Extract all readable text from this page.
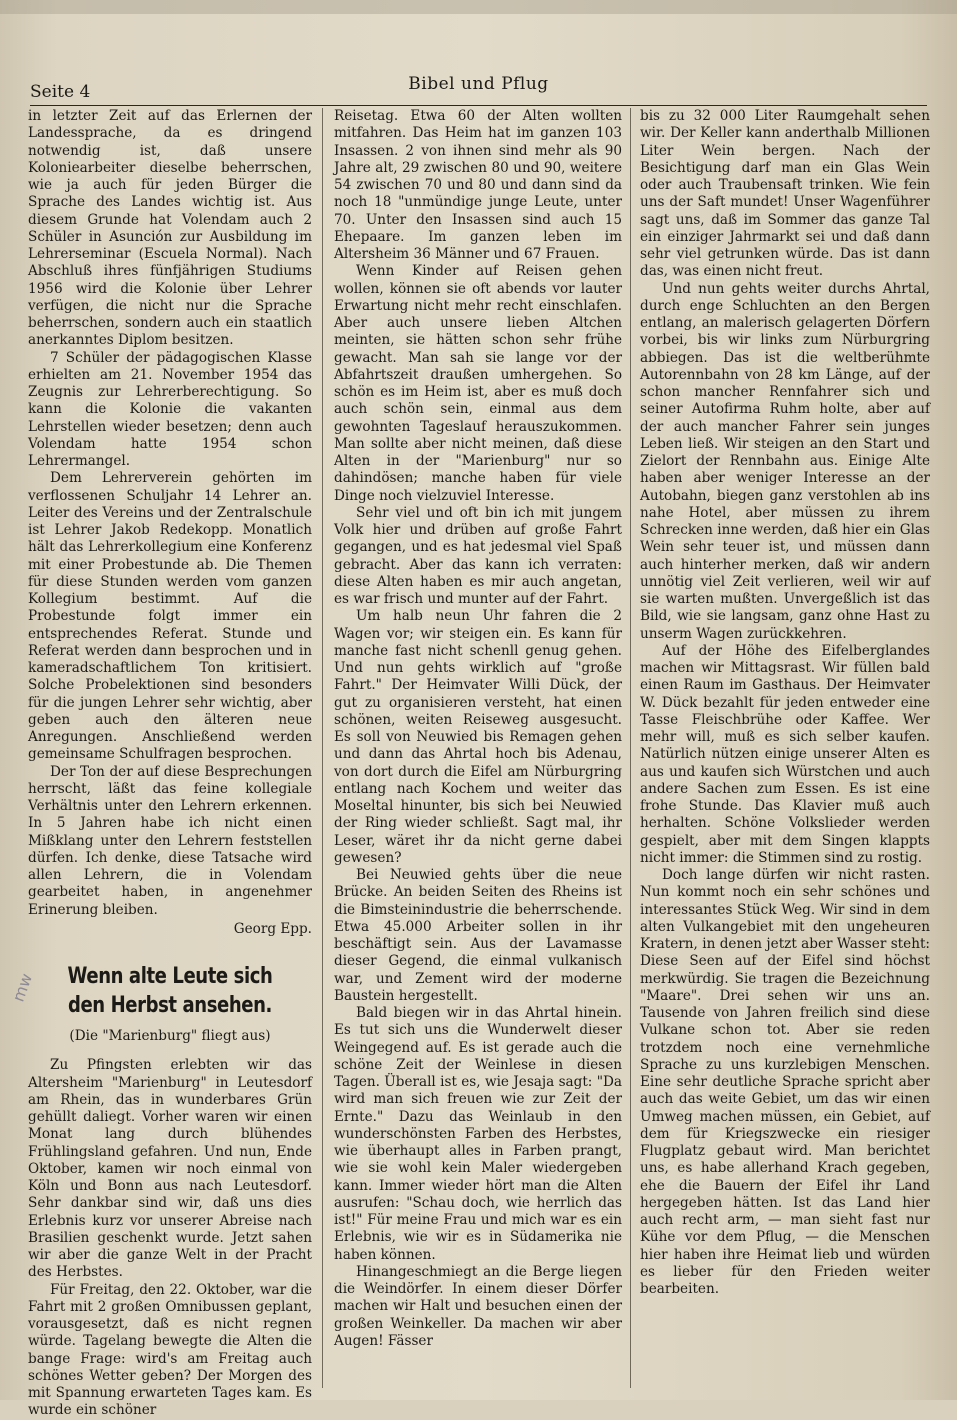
Seite 4	Bibel und Pflug
mw

in letzter Zeit auf das Erlernen der Landessprache, da es dringend notwendig ist, daß unsere Koloniearbeiter dieselbe beherrschen, wie ja auch für jeden Bürger die Sprache des Landes wichtig ist. Aus diesem Grunde hat Volendam auch 2 Schüler in Asunción zur Ausbildung im Lehrerseminar (Escuela Normal). Nach Abschluß ihres fünfjährigen Studiums 1956 wird die Kolonie über Lehrer verfügen, die nicht nur die Sprache beherrschen, sondern auch ein staatlich anerkanntes Diplom besitzen.

7 Schüler der pädagogischen Klasse erhielten am 21. November 1954 das Zeugnis zur Lehrerberechtigung. So kann die Kolonie die vakanten Lehrstellen wieder besetzen; denn auch Volendam hatte 1954 schon Lehrermangel.

Dem Lehrerverein gehörten im verflossenen Schuljahr 14 Lehrer an. Leiter des Vereins und der Zentralschule ist Lehrer Jakob Redekopp. Monatlich hält das Lehrerkollegium eine Konferenz mit einer Probestunde ab. Die Themen für diese Stunden werden vom ganzen Kollegium bestimmt. Auf die Probestunde folgt immer ein entsprechendes Referat. Stunde und Referat werden dann besprochen und in kameradschaftlichem Ton kritisiert. Solche Probelektionen sind besonders für die jungen Lehrer sehr wichtig, aber geben auch den älteren neue Anregungen. Anschließend werden gemeinsame Schulfragen besprochen.

Der Ton der auf diese Besprechungen herrscht, läßt das feine kollegiale Verhältnis unter den Lehrern erkennen. In 5 Jahren habe ich nicht einen Mißklang unter den Lehrern feststellen dürfen. Ich denke, diese Tatsache wird allen Lehrern, die in Volendam gearbeitet haben, in angenehmer Erinerung bleiben.

Georg Epp.
Wenn alte Leute sich den Herbst ansehen.
(Die "Marienburg" fliegt aus)

Zu Pfingsten erlebten wir das Altersheim "Marienburg" in Leutesdorf am Rhein, das in wunderbares Grün gehüllt daliegt. Vorher waren wir einen Monat lang durch blühendes Frühlingsland gefahren. Und nun, Ende Oktober, kamen wir noch einmal von Köln und Bonn aus nach Leutesdorf. Sehr dankbar sind wir, daß uns dies Erlebnis kurz vor unserer Abreise nach Brasilien geschenkt wurde. Jetzt sahen wir aber die ganze Welt in der Pracht des Herbstes.

Für Freitag, den 22. Oktober, war die Fahrt mit 2 großen Omnibussen geplant, vorausgesetzt, daß es nicht regnen würde. Tagelang bewegte die Alten die bange Frage: wird's am Freitag auch schönes Wetter geben? Der Morgen des mit Spannung erwarteten Tages kam. Es wurde ein schöner

Reisetag. Etwa 60 der Alten wollten mitfahren. Das Heim hat im ganzen 103 Insassen. 2 von ihnen sind mehr als 90 Jahre alt, 29 zwischen 80 und 90, weitere 54 zwischen 70 und 80 und dann sind da noch 18 "unmündige junge Leute, unter 70. Unter den Insassen sind auch 15 Ehepaare. Im ganzen leben im Altersheim 36 Männer und 67 Frauen.

Wenn Kinder auf Reisen gehen wollen, können sie oft abends vor lauter Erwartung nicht mehr recht einschlafen. Aber auch unsere lieben Altchen meinten, sie hätten schon sehr frühe gewacht. Man sah sie lange vor der Abfahrtszeit draußen umhergehen. So schön es im Heim ist, aber es muß doch auch schön sein, einmal aus dem gewohnten Tageslauf herauszukommen. Man sollte aber nicht meinen, daß diese Alten in der "Marienburg" nur so dahindösen; manche haben für viele Dinge noch vielzuviel Interesse.

Sehr viel und oft bin ich mit jungem Volk hier und drüben auf große Fahrt gegangen, und es hat jedesmal viel Spaß gebracht. Aber das kann ich verraten: diese Alten haben es mir auch angetan, es war frisch und munter auf der Fahrt.

Um halb neun Uhr fahren die 2 Wagen vor; wir steigen ein. Es kann für manche fast nicht schenll genug gehen. Und nun gehts wirklich auf "große Fahrt." Der Heimvater Willi Dück, der gut zu organisieren versteht, hat einen schönen, weiten Reiseweg ausgesucht. Es soll von Neuwied bis Remagen gehen und dann das Ahrtal hoch bis Adenau, von dort durch die Eifel am Nürburgring entlang nach Kochem und weiter das Moseltal hinunter, bis sich bei Neuwied der Ring wieder schließt. Sagt mal, ihr Leser, wäret ihr da nicht gerne dabei gewesen?

Bei Neuwied gehts über die neue Brücke. An beiden Seiten des Rheins ist die Bimsteinindustrie die beherrschende. Etwa 45.000 Arbeiter sollen in ihr beschäftigt sein. Aus der Lavamasse dieser Gegend, die einmal vulkanisch war, und Zement wird der moderne Baustein hergestellt.

Bald biegen wir in das Ahrtal hinein. Es tut sich uns die Wunderwelt dieser Weingegend auf. Es ist gerade auch die schöne Zeit der Weinlese in diesen Tagen. Überall ist es, wie Jesaja sagt: "Da wird man sich freuen wie zur Zeit der Ernte." Dazu das Weinlaub in den wunderschönsten Farben des Herbstes, wie überhaupt alles in Farben prangt, wie sie wohl kein Maler wiedergeben kann. Immer wieder hört man die Alten ausrufen: "Schau doch, wie herrlich das ist!" Für meine Frau und mich war es ein Erlebnis, wie wir es in Südamerika nie haben können.

Hinangeschmiegt an die Berge liegen die Weindörfer. In einem dieser Dörfer machen wir Halt und besuchen einen der großen Weinkeller. Da machen wir aber Augen! Fässer

bis zu 32 000 Liter Raumgehalt sehen wir. Der Keller kann anderthalb Millionen Liter Wein bergen. Nach der Besichtigung darf man ein Glas Wein oder auch Traubensaft trinken. Wie fein uns der Saft mundet! Unser Wagenführer sagt uns, daß im Sommer das ganze Tal ein einziger Jahrmarkt sei und daß dann sehr viel getrunken würde. Das ist dann das, was einen nicht freut.

Und nun gehts weiter durchs Ahrtal, durch enge Schluchten an den Bergen entlang, an malerisch gelagerten Dörfern vorbei, bis wir links zum Nürburgring abbiegen. Das ist die weltberühmte Autorennbahn von 28 km Länge, auf der schon mancher Rennfahrer sich und seiner Autofirma Ruhm holte, aber auf der auch mancher Fahrer sein junges Leben ließ. Wir steigen an den Start und Zielort der Rennbahn aus. Einige Alte haben aber weniger Interesse an der Autobahn, biegen ganz verstohlen ab ins nahe Hotel, aber müssen zu ihrem Schrecken inne werden, daß hier ein Glas Wein sehr teuer ist, und müssen dann auch hinterher merken, daß wir andern unnötig viel Zeit verlieren, weil wir auf sie warten mußten. Unvergeßlich ist das Bild, wie sie langsam, ganz ohne Hast zu unserm Wagen zurückkehren.

Auf der Höhe des Eifelberglandes machen wir Mittagsrast. Wir füllen bald einen Raum im Gasthaus. Der Heimvater W. Dück bezahlt für jeden entweder eine Tasse Fleischbrühe oder Kaffee. Wer mehr will, muß es sich selber kaufen. Natürlich nützen einige unserer Alten es aus und kaufen sich Würstchen und auch andere Sachen zum Essen. Es ist eine frohe Stunde. Das Klavier muß auch herhalten. Schöne Volkslieder werden gespielt, aber mit dem Singen klappts nicht immer: die Stimmen sind zu rostig.

Doch lange dürfen wir nicht rasten. Nun kommt noch ein sehr schönes und interessantes Stück Weg. Wir sind in dem alten Vulkangebiet mit den ungeheuren Kratern, in denen jetzt aber Wasser steht: Diese Seen auf der Eifel sind höchst merkwürdig. Sie tragen die Bezeichnung "Maare". Drei sehen wir uns an. Tausende von Jahren freilich sind diese Vulkane schon tot. Aber sie reden trotzdem noch eine vernehmliche Sprache zu uns kurzlebigen Menschen. Eine sehr deutliche Sprache spricht aber auch das weite Gebiet, um das wir einen Umweg machen müssen, ein Gebiet, auf dem für Kriegszwecke ein riesiger Flugplatz gebaut wird. Man berichtet uns, es habe allerhand Krach gegeben, ehe die Bauern der Eifel ihr Land hergegeben hätten. Ist das Land hier auch recht arm, — man sieht fast nur Kühe vor dem Pflug, — die Menschen hier haben ihre Heimat lieb und würden es lieber für den Frieden weiter bearbeiten.
